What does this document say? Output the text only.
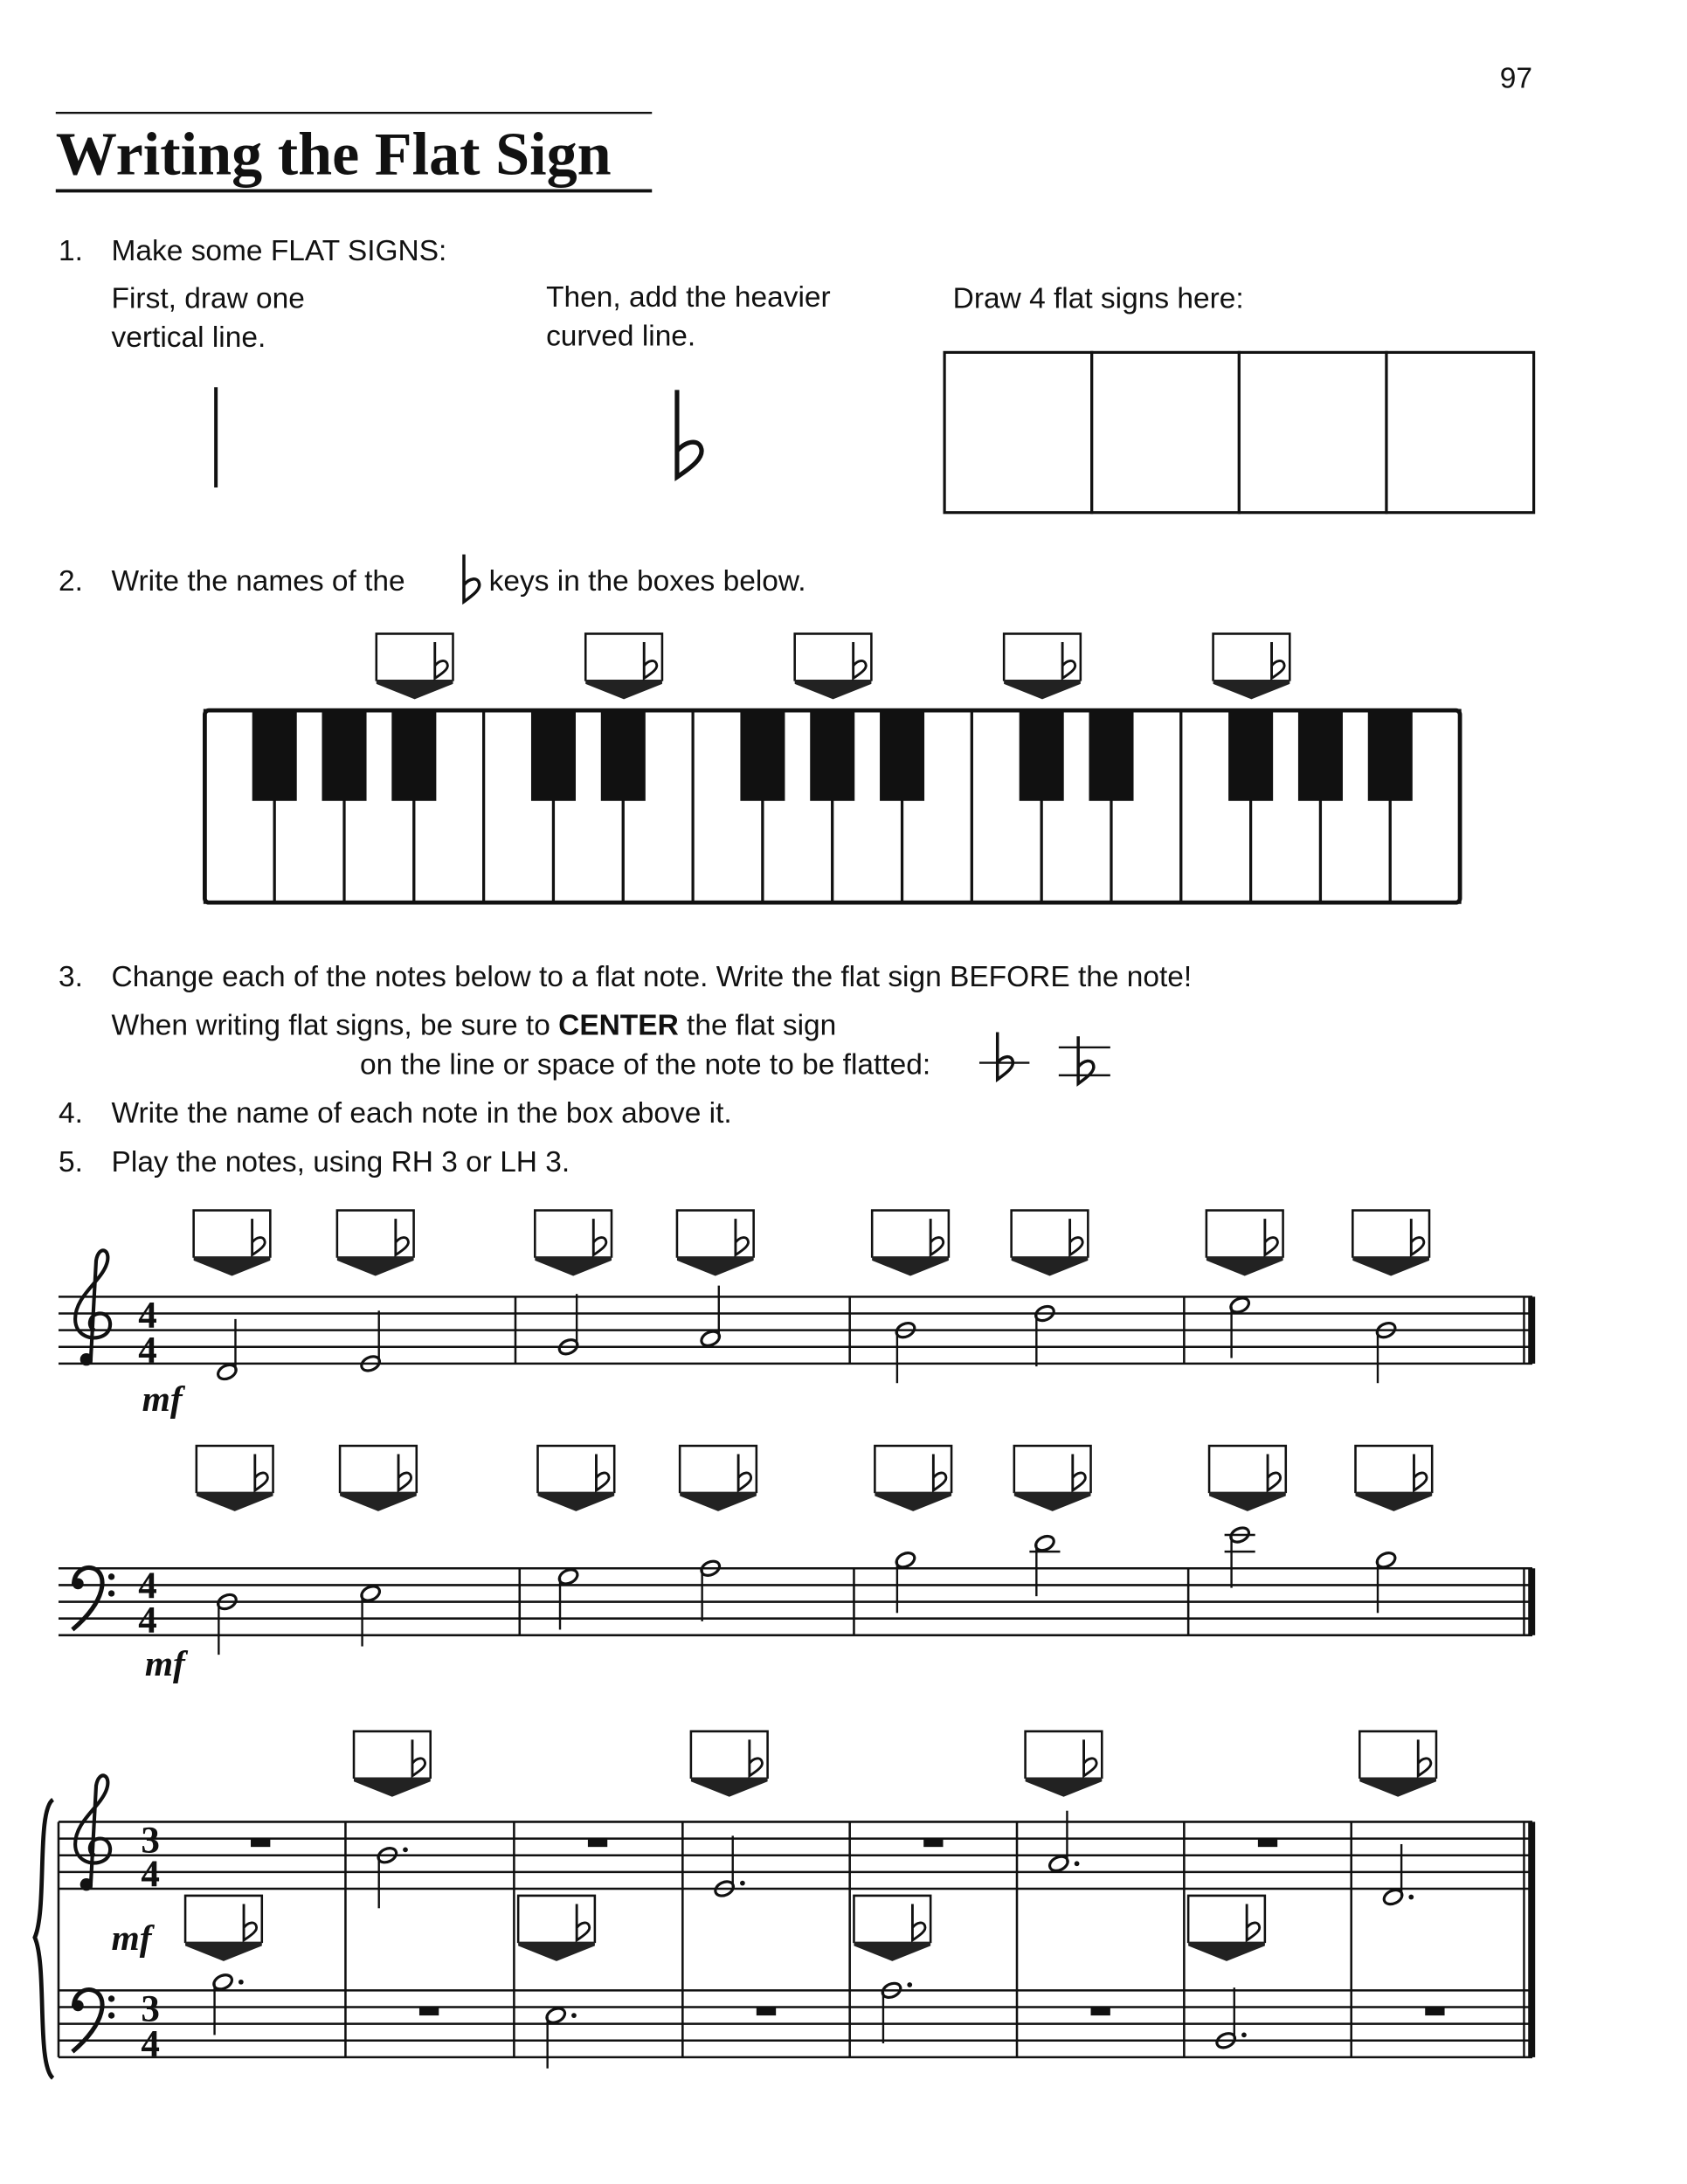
97
Writing the Flat Sign
1. Make some FLAT SIGNS:
First, draw one
vertical line.
Then, add the heavier
curved line.
Draw 4 flat signs here:
2. Write the names of the	keys in the boxes below.
3. Change each of the notes below to a flat note. Write the flat sign BEFORE the note!
When writing flat signs, be sure to CENTER the flat sign
on the line or space of the note to be flatted:
4. Write the name of each note in the box above it.
5. Play the notes, using RH 3 or LH 3.
4
4
mf
4
4
mf
3
4
3
4
mf
